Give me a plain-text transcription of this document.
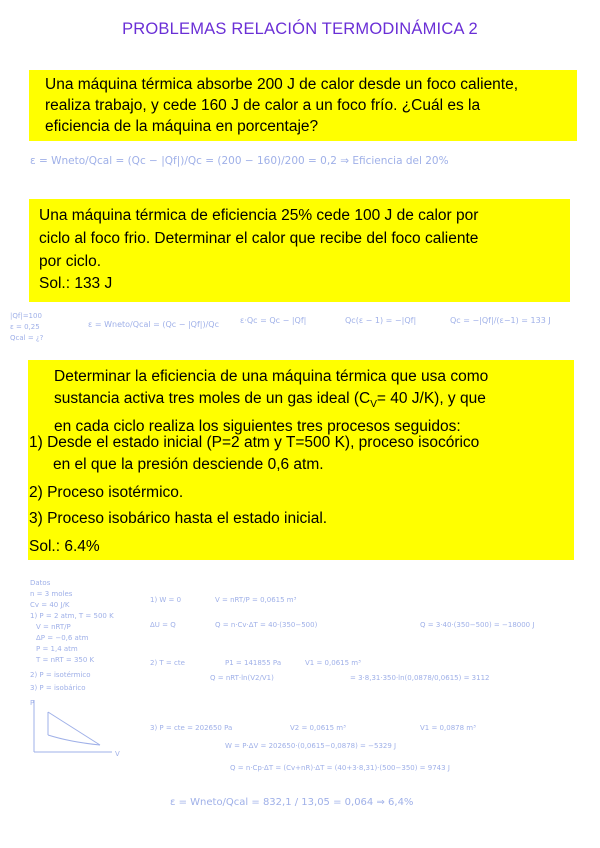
PROBLEMAS RELACIÓN TERMODINÁMICA 2

Una máquina térmica absorbe 200 J de calor desde un foco caliente,

realiza trabajo, y cede 160 J de calor a un foco frío. ¿Cuál es la

eficiencia de la máquina en porcentaje?

Una máquina térmica de eficiencia 25% cede 100 J de calor por

ciclo al foco frio. Determinar el calor que recibe del foco caliente

por ciclo.

Sol.: 133 J

Determinar la eficiencia de una máquina térmica que usa como

sustancia activa tres moles de un gas ideal ($C_V= 40$ J/K), y que

en cada ciclo realiza los siguientes tres procesos seguidos:

1) Desde el estado inicial (P=2 atm y T=500 K), proceso isocórico
en el que la presión desciende 0,6 atm.
2) Proceso isotérmico.
3) Proceso isobárico hasta el estado inicial.
Sol.: 6.4%
ε = Wneto/Qcal = (Qc − |Qf|)/Qc = (200 − 160)/200 = 0,2 ⇒ Eficiencia del 20%
|Qf|=100
ε = 0,25
Qcal = ¿?
ε = Wneto/Qcal = (Qc − |Qf|)/Qc	ε·Qc = Qc − |Qf|	Qc(ε − 1) = −|Qf|	Qc = −|Qf|/(ε−1) = 133 J
Datos
n = 3 moles
Cv = 40 J/K
1) P = 2 atm, T = 500 K
V = nRT/P
ΔP = −0,6 atm
P = 1,4 atm
T = nRT = 350 K
2) P = isotérmico
3) P = isobárico
1) W = 0	V = nRT/P = 0,0615 m³
ΔU = Q	Q = n·Cv·ΔT = 40·(350−500)	Q = 3·40·(350−500) = −18000 J
2) T = cte	P1 = 141855 Pa	V1 = 0,0615 m³
Q = nRT·ln(V2/V1)	= 3·8,31·350·ln(0,0878/0,0615) = 3112
P
3) P = cte = 202650 Pa	V2 = 0,0615 m³	V1 = 0,0878 m³
W = P·ΔV = 202650·(0,0615−0,0878) = −5329 J
Q = n·Cp·ΔT = (Cv+nR)·ΔT = (40+3·8,31)·(500−350) = 9743 J
ε = Wneto/Qcal = 832,1 / 13,05 = 0,064 ⇒ 6,4%
V
